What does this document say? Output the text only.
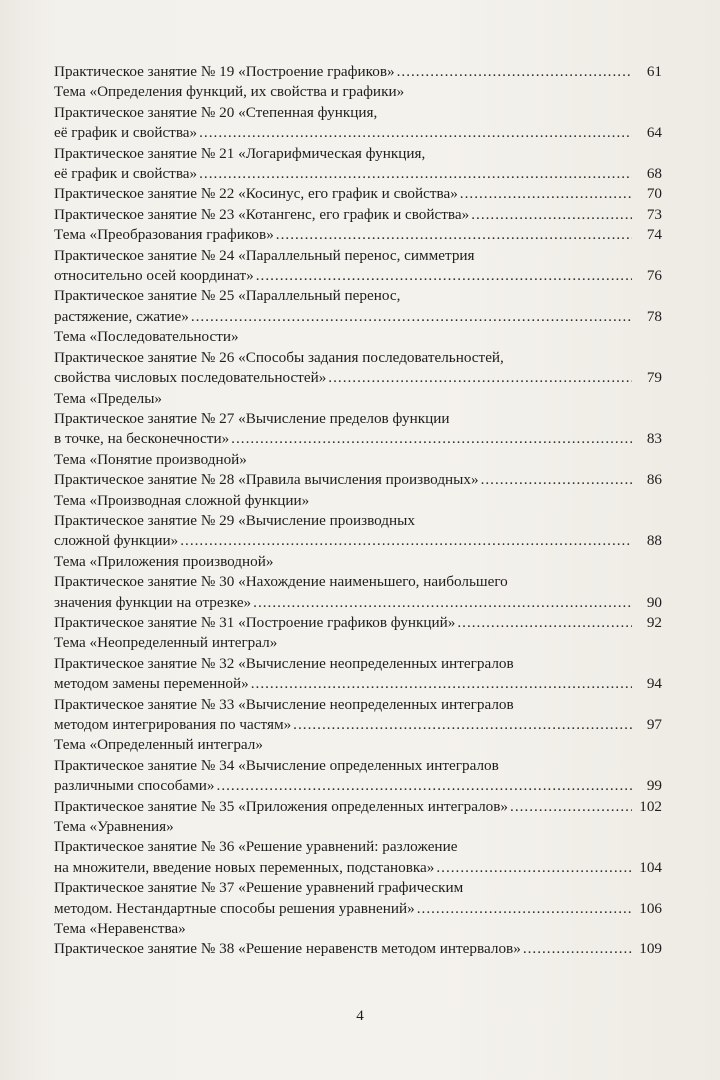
Практическое занятие № 19 «Построение графиков» .....	61
Тема «Определения функций, их свойства и графики»
Практическое занятие № 20 «Степенная функция,
её график и свойства» .....	64
Практическое занятие № 21 «Логарифмическая функция,
её график и свойства» .....	68
Практическое занятие № 22 «Косинус, его график и свойства» .....	70
Практическое занятие № 23 «Котангенс, его график и свойства» .....	73
Тема «Преобразования графиков» .....	74
Практическое занятие № 24 «Параллельный перенос, симметрия
относительно осей координат» .....	76
Практическое занятие № 25 «Параллельный перенос,
растяжение, сжатие» .....	78
Тема «Последовательности»
Практическое занятие № 26 «Способы задания последовательностей,
свойства числовых последовательностей» .....	79
Тема «Пределы»
Практическое занятие № 27 «Вычисление пределов функции
в точке, на бесконечности» .....	83
Тема «Понятие производной»
Практическое занятие № 28 «Правила вычисления производных» .....	86
Тема «Производная сложной функции»
Практическое занятие № 29 «Вычисление производных
сложной функции» .....	88
Тема «Приложения производной»
Практическое занятие № 30 «Нахождение наименьшего, наибольшего
значения функции на отрезке» .....	90
Практическое занятие № 31 «Построение графиков функций» .....	92
Тема «Неопределенный интеграл»
Практическое занятие № 32 «Вычисление неопределенных интегралов
методом замены переменной» .....	94
Практическое занятие № 33 «Вычисление неопределенных интегралов
методом интегрирования по частям» .....	97
Тема «Определенный интеграл»
Практическое занятие № 34 «Вычисление определенных интегралов
различными способами» .....	99
Практическое занятие № 35 «Приложения определенных интегралов» .....	102
Тема «Уравнения»
Практическое занятие № 36 «Решение уравнений: разложение
на множители, введение новых переменных, подстановка» .....	104
Практическое занятие № 37 «Решение уравнений графическим
методом. Нестандартные способы решения уравнений» .....	106
Тема «Неравенства»
Практическое занятие № 38 «Решение неравенств методом интервалов» .....	109
4
